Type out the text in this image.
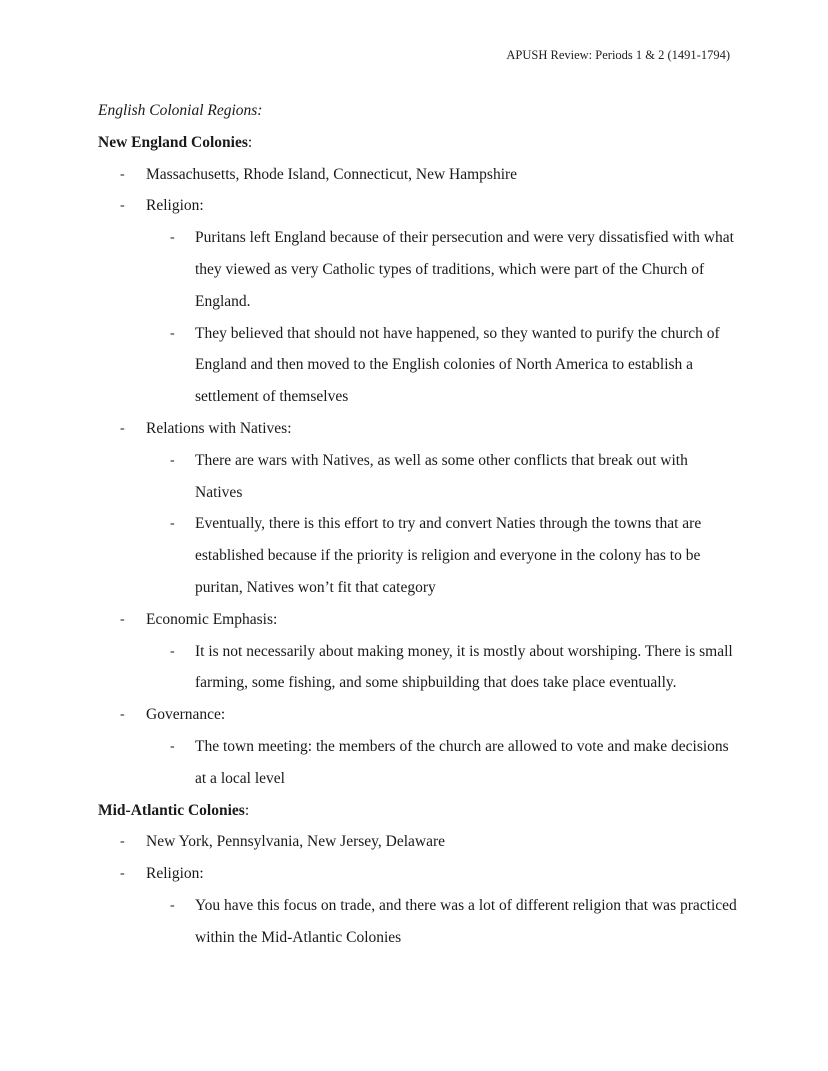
APUSH Review: Periods 1 & 2 (1491-1794)
English Colonial Regions:
New England Colonies:
- Massachusetts, Rhode Island, Connecticut, New Hampshire
- Religion:
- Puritans left England because of their persecution and were very dissatisfied with what they viewed as very Catholic types of traditions, which were part of the Church of England.
- They believed that should not have happened, so they wanted to purify the church of England and then moved to the English colonies of North America to establish a settlement of themselves
- Relations with Natives:
- There are wars with Natives, as well as some other conflicts that break out with Natives
- Eventually, there is this effort to try and convert Naties through the towns that are established because if the priority is religion and everyone in the colony has to be puritan, Natives won’t fit that category
- Economic Emphasis:
- It is not necessarily about making money, it is mostly about worshiping. There is small farming, some fishing, and some shipbuilding that does take place eventually.
- Governance:
- The town meeting: the members of the church are allowed to vote and make decisions at a local level
Mid-Atlantic Colonies:
- New York, Pennsylvania, New Jersey, Delaware
- Religion:
- You have this focus on trade, and there was a lot of different religion that was practiced within the Mid-Atlantic Colonies
